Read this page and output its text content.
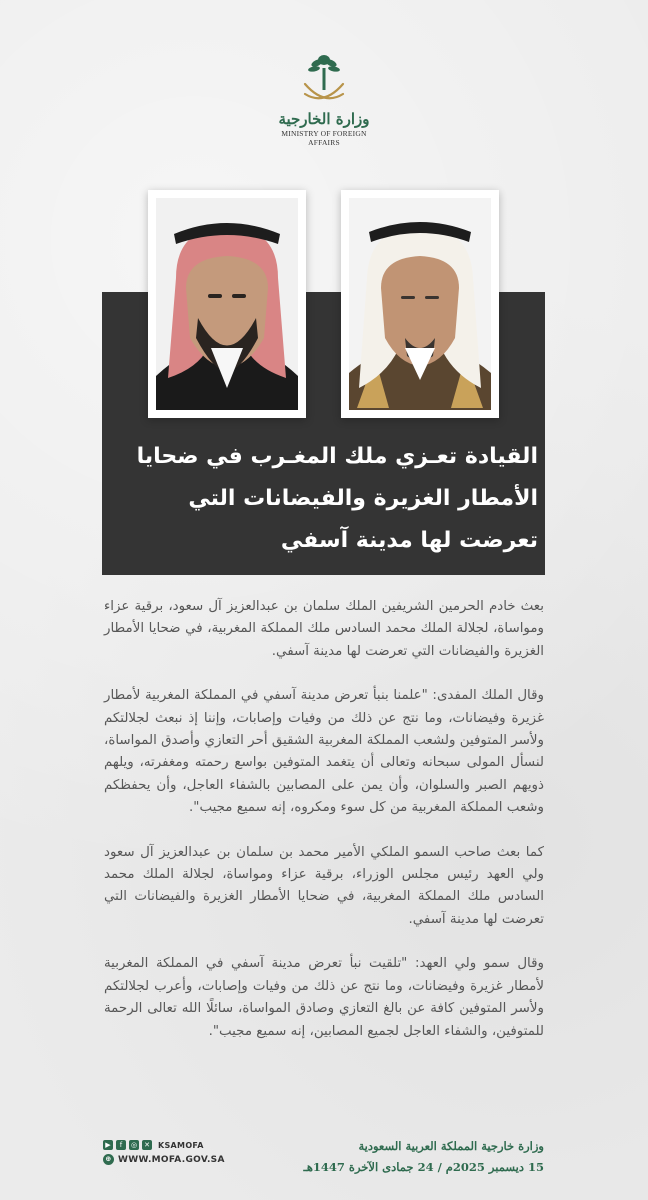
وزارة الخارجية
MINISTRY OF FOREIGN AFFAIRS
القيادة تعـزي ملك المغـرب في ضحايا الأمطار الغزيرة والفيضانات التي تعرضت لها مدينة آسفي

بعث خادم الحرمين الشريفين الملك سلمان بن عبدالعزيز آل سعود، برقية عزاء ومواساة، لجلالة الملك محمد السادس ملك المملكة المغربية، في ضحايا الأمطار الغزيرة والفيضانات التي تعرضت لها مدينة آسفي.

وقال الملك المفدى: "علمنا بنبأ تعرض مدينة آسفي في المملكة المغربية لأمطار غزيرة وفيضانات، وما نتج عن ذلك من وفيات وإصابات، وإننا إذ نبعث لجلالتكم ولأسر المتوفين ولشعب المملكة المغربية الشقيق أحر التعازي وأصدق المواساة، لنسأل المولى سبحانه وتعالى أن يتغمد المتوفين بواسع رحمته ومغفرته، ويلهم ذويهم الصبر والسلوان، وأن يمن على المصابين بالشفاء العاجل، وأن يحفظكم وشعب المملكة المغربية من كل سوء ومكروه، إنه سميع مجيب".

كما بعث صاحب السمو الملكي الأمير محمد بن سلمان بن عبدالعزيز آل سعود ولي العهد رئيس مجلس الوزراء، برقية عزاء ومواساة، لجلالة الملك محمد السادس ملك المملكة المغربية، في ضحايا الأمطار الغزيرة والفيضانات التي تعرضت لها مدينة آسفي.

وقال سمو ولي العهد: "تلقيت نبأ تعرض مدينة آسفي في المملكة المغربية لأمطار غزيرة وفيضانات، وما نتج عن ذلك من وفيات وإصابات، وأعرب لجلالتكم ولأسر المتوفين كافة عن بالغ التعازي وصادق المواساة، سائلًا الله تعالى الرحمة للمتوفين، والشفاء العاجل لجميع المصابين، إنه سميع مجيب".

▶	f	◎ ✕ KSAMOFA
⊕ WWW.MOFA.GOV.SA
وزارة خارجية المملكة العربية السعودية
15 ديسمبر 2025م / 24 جمادى الآخرة 1447هـ
